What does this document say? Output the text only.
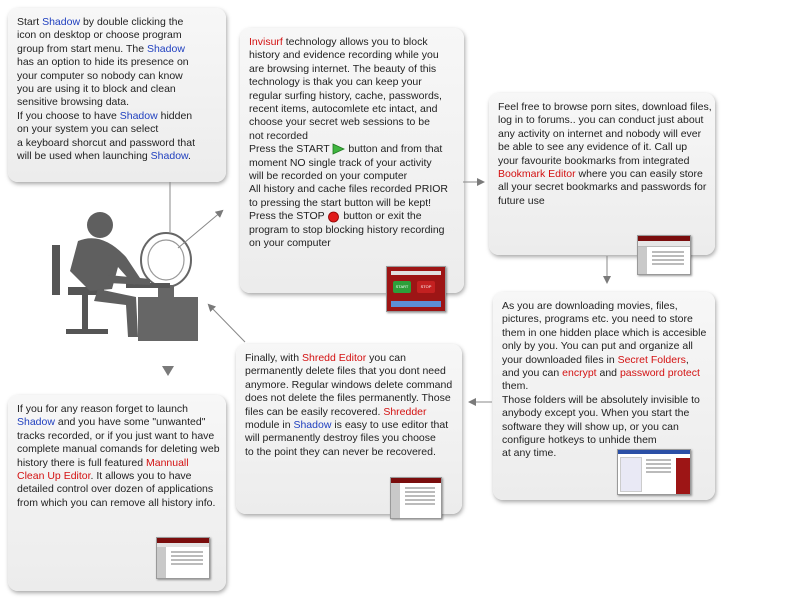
Start Shadow by double clicking the
icon on desktop or choose program
group from start menu. The Shadow
has an option to hide its presence on
your computer so nobody can know
you are using it to block and clean
sensitive browsing data.
If you choose to have Shadow hidden
on your system you can select
a keyboard shorcut and password that
will be used when launching Shadow.
Invisurf technology allows you to block
history and evidence recording while you
are browsing internet. The beauty of this
technology is thak you can keep your
regular surfing history, cache, passwords,
recent items, autocomlete etc intact, and
choose your secret web sessions to be
not recorded
Press the START  button and from that
moment NO single track of your activity
will be recorded on your computer
All history and cache files recorded PRIOR
to pressing the start button will be kept!
Press the STOP  button or exit the
program to stop blocking history recording
on your computer
START	STOP
Feel free to browse porn sites, download files,
log in to forums.. you can conduct just about
any activity on internet and nobody will ever
be able to see any evidence of it. Call up
your favourite bookmarks from integrated
Bookmark Editor where you can easily store
all your secret bookmarks and passwords for
future use
As you are downloading movies, files,
pictures, programs etc. you need to store
them in one hidden place which is accesible
only by you. You can put and organize all
your downloaded files in Secret Folders,
and you can encrypt and password protect
them.
Those folders will be absolutely invisible to
anybody except you. When you start the
software they will show up, or you can
configure hotkeys to unhide them
at any time.
Finally, with Shredd Editor you can
permanently delete files that you dont need
anymore. Regular windows delete command
does not delete the files permanently. Those
files can be easily recovered. Shredder
module in Shadow is easy to use editor that
will permanently destroy files you choose
to the point they can never be recovered.
If you for any reason forget to launch
Shadow and you have some "unwanted"
tracks recorded, or if you just want to have
complete manual comands for deleting web
history there is full featured Mannuall
Clean Up Editor. It allows you to have
detailed control over dozen of applications
from which you can remove all history info.
